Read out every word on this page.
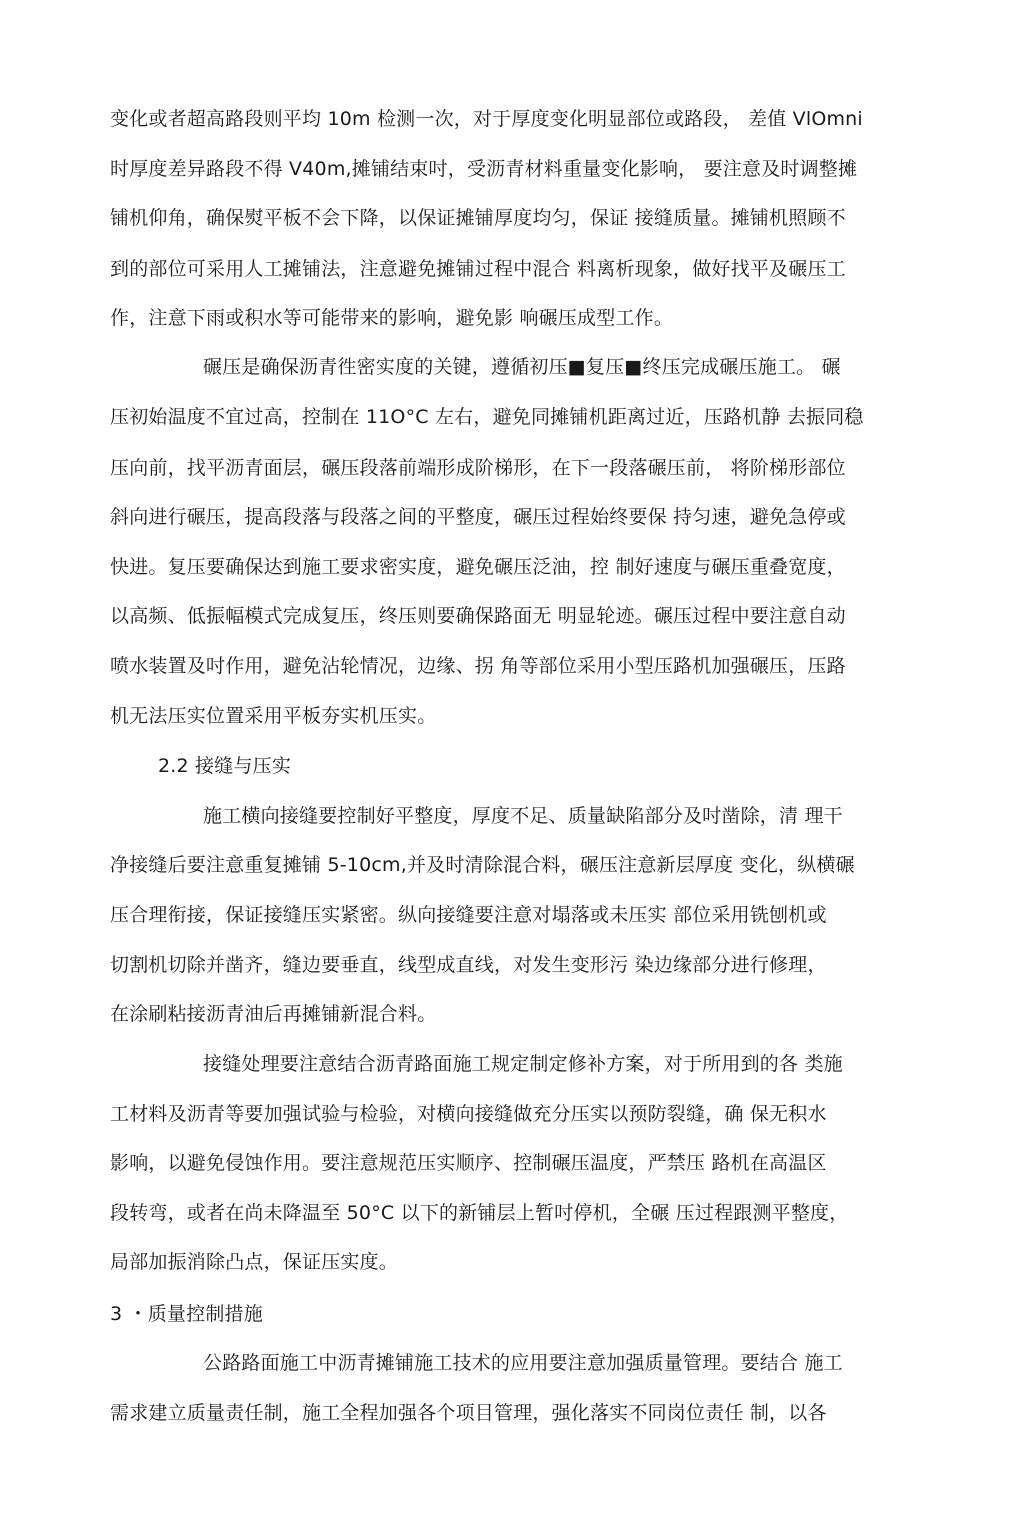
变化或者超高路段则平均 10m 检测一次，对于厚度变化明显部位或路段， 差值 VlOmni
时厚度差异路段不得 V40m,摊铺结束吋，受沥青材料重量变化影响， 要注意及时调整摊
铺机仰角，确保熨平板不会下降，以保证摊铺厚度均匀，保证 接缝质量。摊铺机照顾不
到的部位可采用人工摊铺法，注意避免摊铺过程中混合 料离析现象，做好找平及碾压工
作，注意下雨或积水等可能带来的影响，避免影 响碾压成型工作。
碾压是确保沥青徃密实度的关键，遵循初压■复压■终压完成碾压施工。 碾
压初始温度不宜过高，控制在 11O°C 左右，避免同摊铺机距离过近，压路机静 去振同稳
压向前，找平沥青面层，碾压段落前端形成阶梯形，在下一段落碾压前， 将阶梯形部位
斜向进行碾压，提高段落与段落之间的平整度，碾压过程始终要保 持匀速，避免急停或
快进。复压要确保达到施工要求密实度，避免碾压泛油，控 制好速度与碾压重叠宽度，
以高频、低振幅模式完成复压，终压则要确保路面无 明显轮迹。碾压过程中要注意自动
喷水装置及吋作用，避免沾轮情况，边缘、拐 角等部位采用小型压路机加强碾压，压路
机无法压实位置采用平板夯实机压实。
2.2 接缝与压实
施工横向接缝要控制好平整度，厚度不足、质量缺陷部分及吋凿除，清 理干
净接缝后要注意重复摊铺 5-10cm,并及时清除混合料，碾压注意新层厚度 变化，纵横碾
压合理衔接，保证接缝压实紧密。纵向接缝要注意对塌落或未压实 部位采用铣刨机或
切割机切除并凿齐，缝边要垂直，线型成直线，对发生变形污 染边缘部分进行修理，
在涂刷粘接沥青油后再摊铺新混合料。
接缝处理要注意结合沥青路面施工规定制定修补方案，对于所用到的各 类施
工材料及沥青等要加强试验与检验，对横向接缝做充分压实以预防裂缝，确 保无积水
影响，以避免侵蚀作用。要注意规范压实顺序、控制碾压温度，严禁压 路机在高温区
段转弯，或者在尚未降温至 50°C 以下的新铺层上暂吋停机，全碾 压过程跟测平整度，
局部加振消除凸点，保证压实度。
3 ・质量控制措施
公路路面施工中沥青摊铺施工技术的应用要注意加强质量管理。要结合 施工
需求建立质量责任制，施工全程加强各个项目管理，强化落实不同岗位责任 制，以各
